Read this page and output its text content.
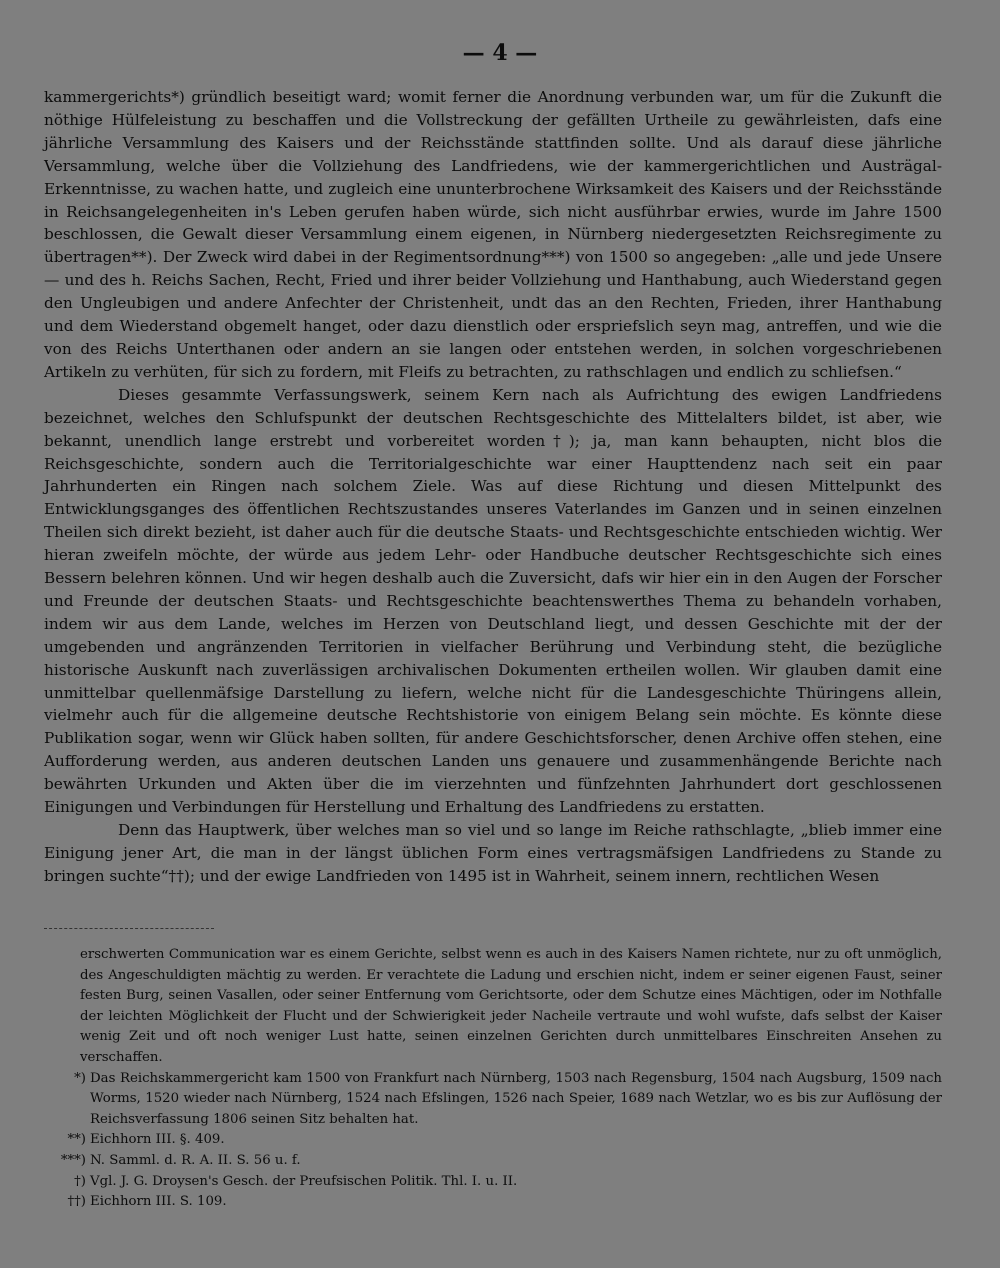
— 4 —

kammergerichts*) gründlich beseitigt ward; womit ferner die Anordnung verbunden war, um für die Zukunft die nöthige Hülfeleistung zu beschaffen und die Vollstreckung der gefällten Urtheile zu gewährleisten, dafs eine jährliche Versammlung des Kaisers und der Reichsstände stattfinden sollte. Und als darauf diese jährliche Versammlung, welche über die Vollziehung des Landfriedens, wie der kammergerichtlichen und Austrägal-Erkenntnisse, zu wachen hatte, und zugleich eine ununterbrochene Wirksamkeit des Kaisers und der Reichsstände in Reichsangelegenheiten in's Leben gerufen haben würde, sich nicht ausführbar erwies, wurde im Jahre 1500 beschlossen, die Gewalt dieser Versammlung einem eigenen, in Nürnberg niedergesetzten Reichsregimente zu übertragen**). Der Zweck wird dabei in der Regimentsordnung***) von 1500 so angegeben: „alle und jede Unsere — und des h. Reichs Sachen, Recht, Fried und ihrer beider Vollziehung und Hanthabung, auch Wiederstand gegen den Ungleubigen und andere Anfechter der Christenheit, undt das an den Rechten, Frieden, ihrer Hanthabung und dem Wiederstand obgemelt hanget, oder dazu dienstlich oder erspriefslich seyn mag, antreffen, und wie die von des Reichs Unterthanen oder andern an sie langen oder entstehen werden, in solchen vorgeschriebenen Artikeln zu verhüten, für sich zu fordern, mit Fleifs zu betrachten, zu rathschlagen und endlich zu schliefsen.“

Dieses gesammte Verfassungswerk, seinem Kern nach als Aufrichtung des ewigen Landfriedens bezeichnet, welches den Schlufspunkt der deutschen Rechtsgeschichte des Mittelalters bildet, ist aber, wie bekannt, unendlich lange erstrebt und vorbereitet worden†); ja, man kann behaupten, nicht blos die Reichsgeschichte, sondern auch die Territorialgeschichte war einer Haupttendenz nach seit ein paar Jahrhunderten ein Ringen nach solchem Ziele. Was auf diese Richtung und diesen Mittelpunkt des Entwicklungsganges des öffentlichen Rechtszustandes unseres Vaterlandes im Ganzen und in seinen einzelnen Theilen sich direkt bezieht, ist daher auch für die deutsche Staats- und Rechtsgeschichte entschieden wichtig. Wer hieran zweifeln möchte, der würde aus jedem Lehr- oder Handbuche deutscher Rechtsgeschichte sich eines Bessern belehren können. Und wir hegen deshalb auch die Zuversicht, dafs wir hier ein in den Augen der Forscher und Freunde der deutschen Staats- und Rechtsgeschichte beachtenswerthes Thema zu behandeln vorhaben, indem wir aus dem Lande, welches im Herzen von Deutschland liegt, und dessen Geschichte mit der der umgebenden und angränzenden Territorien in vielfacher Berührung und Verbindung steht, die bezügliche historische Auskunft nach zuverlässigen archivalischen Dokumenten ertheilen wollen. Wir glauben damit eine unmittelbar quellenmäfsige Darstellung zu liefern, welche nicht für die Landesgeschichte Thüringens allein, vielmehr auch für die allgemeine deutsche Rechtshistorie von einigem Belang sein möchte. Es könnte diese Publikation sogar, wenn wir Glück haben sollten, für andere Geschichtsforscher, denen Archive offen stehen, eine Aufforderung werden, aus anderen deutschen Landen uns genauere und zusammenhängende Berichte nach bewährten Urkunden und Akten über die im vierzehnten und fünfzehnten Jahrhundert dort geschlossenen Einigungen und Verbindungen für Herstellung und Erhaltung des Landfriedens zu erstatten.

Denn das Hauptwerk, über welches man so viel und so lange im Reiche rathschlagte, „blieb immer eine Einigung jener Art, die man in der längst üblichen Form eines vertragsmäfsigen Landfriedens zu Stande zu bringen suchte“††); und der ewige Landfrieden von 1495 ist in Wahrheit, seinem innern, rechtlichen Wesen

erschwerten Communication war es einem Gerichte, selbst wenn es auch in des Kaisers Namen richtete, nur zu oft unmöglich, des Angeschuldigten mächtig zu werden. Er verachtete die Ladung und erschien nicht, indem er seiner eigenen Faust, seiner festen Burg, seinen Vasallen, oder seiner Entfernung vom Gerichtsorte, oder dem Schutze eines Mächtigen, oder im Nothfalle der leichten Möglichkeit der Flucht und der Schwierigkeit jeder Nacheile vertraute und wohl wufste, dafs selbst der Kaiser wenig Zeit und oft noch weniger Lust hatte, seinen einzelnen Gerichten durch unmittelbares Einschreiten Ansehen zu verschaffen.
*) Das Reichskammergericht kam 1500 von Frankfurt nach Nürnberg, 1503 nach Regensburg, 1504 nach Augsburg, 1509 nach Worms, 1520 wieder nach Nürnberg, 1524 nach Efslingen, 1526 nach Speier, 1689 nach Wetzlar, wo es bis zur Auflösung der Reichsverfassung 1806 seinen Sitz behalten hat.
**) Eichhorn III. §. 409.
***) N. Samml. d. R. A. II. S. 56 u. f.
†) Vgl. J. G. Droysen's Gesch. der Preufsischen Politik. Thl. I. u. II.
††) Eichhorn III. S. 109.
